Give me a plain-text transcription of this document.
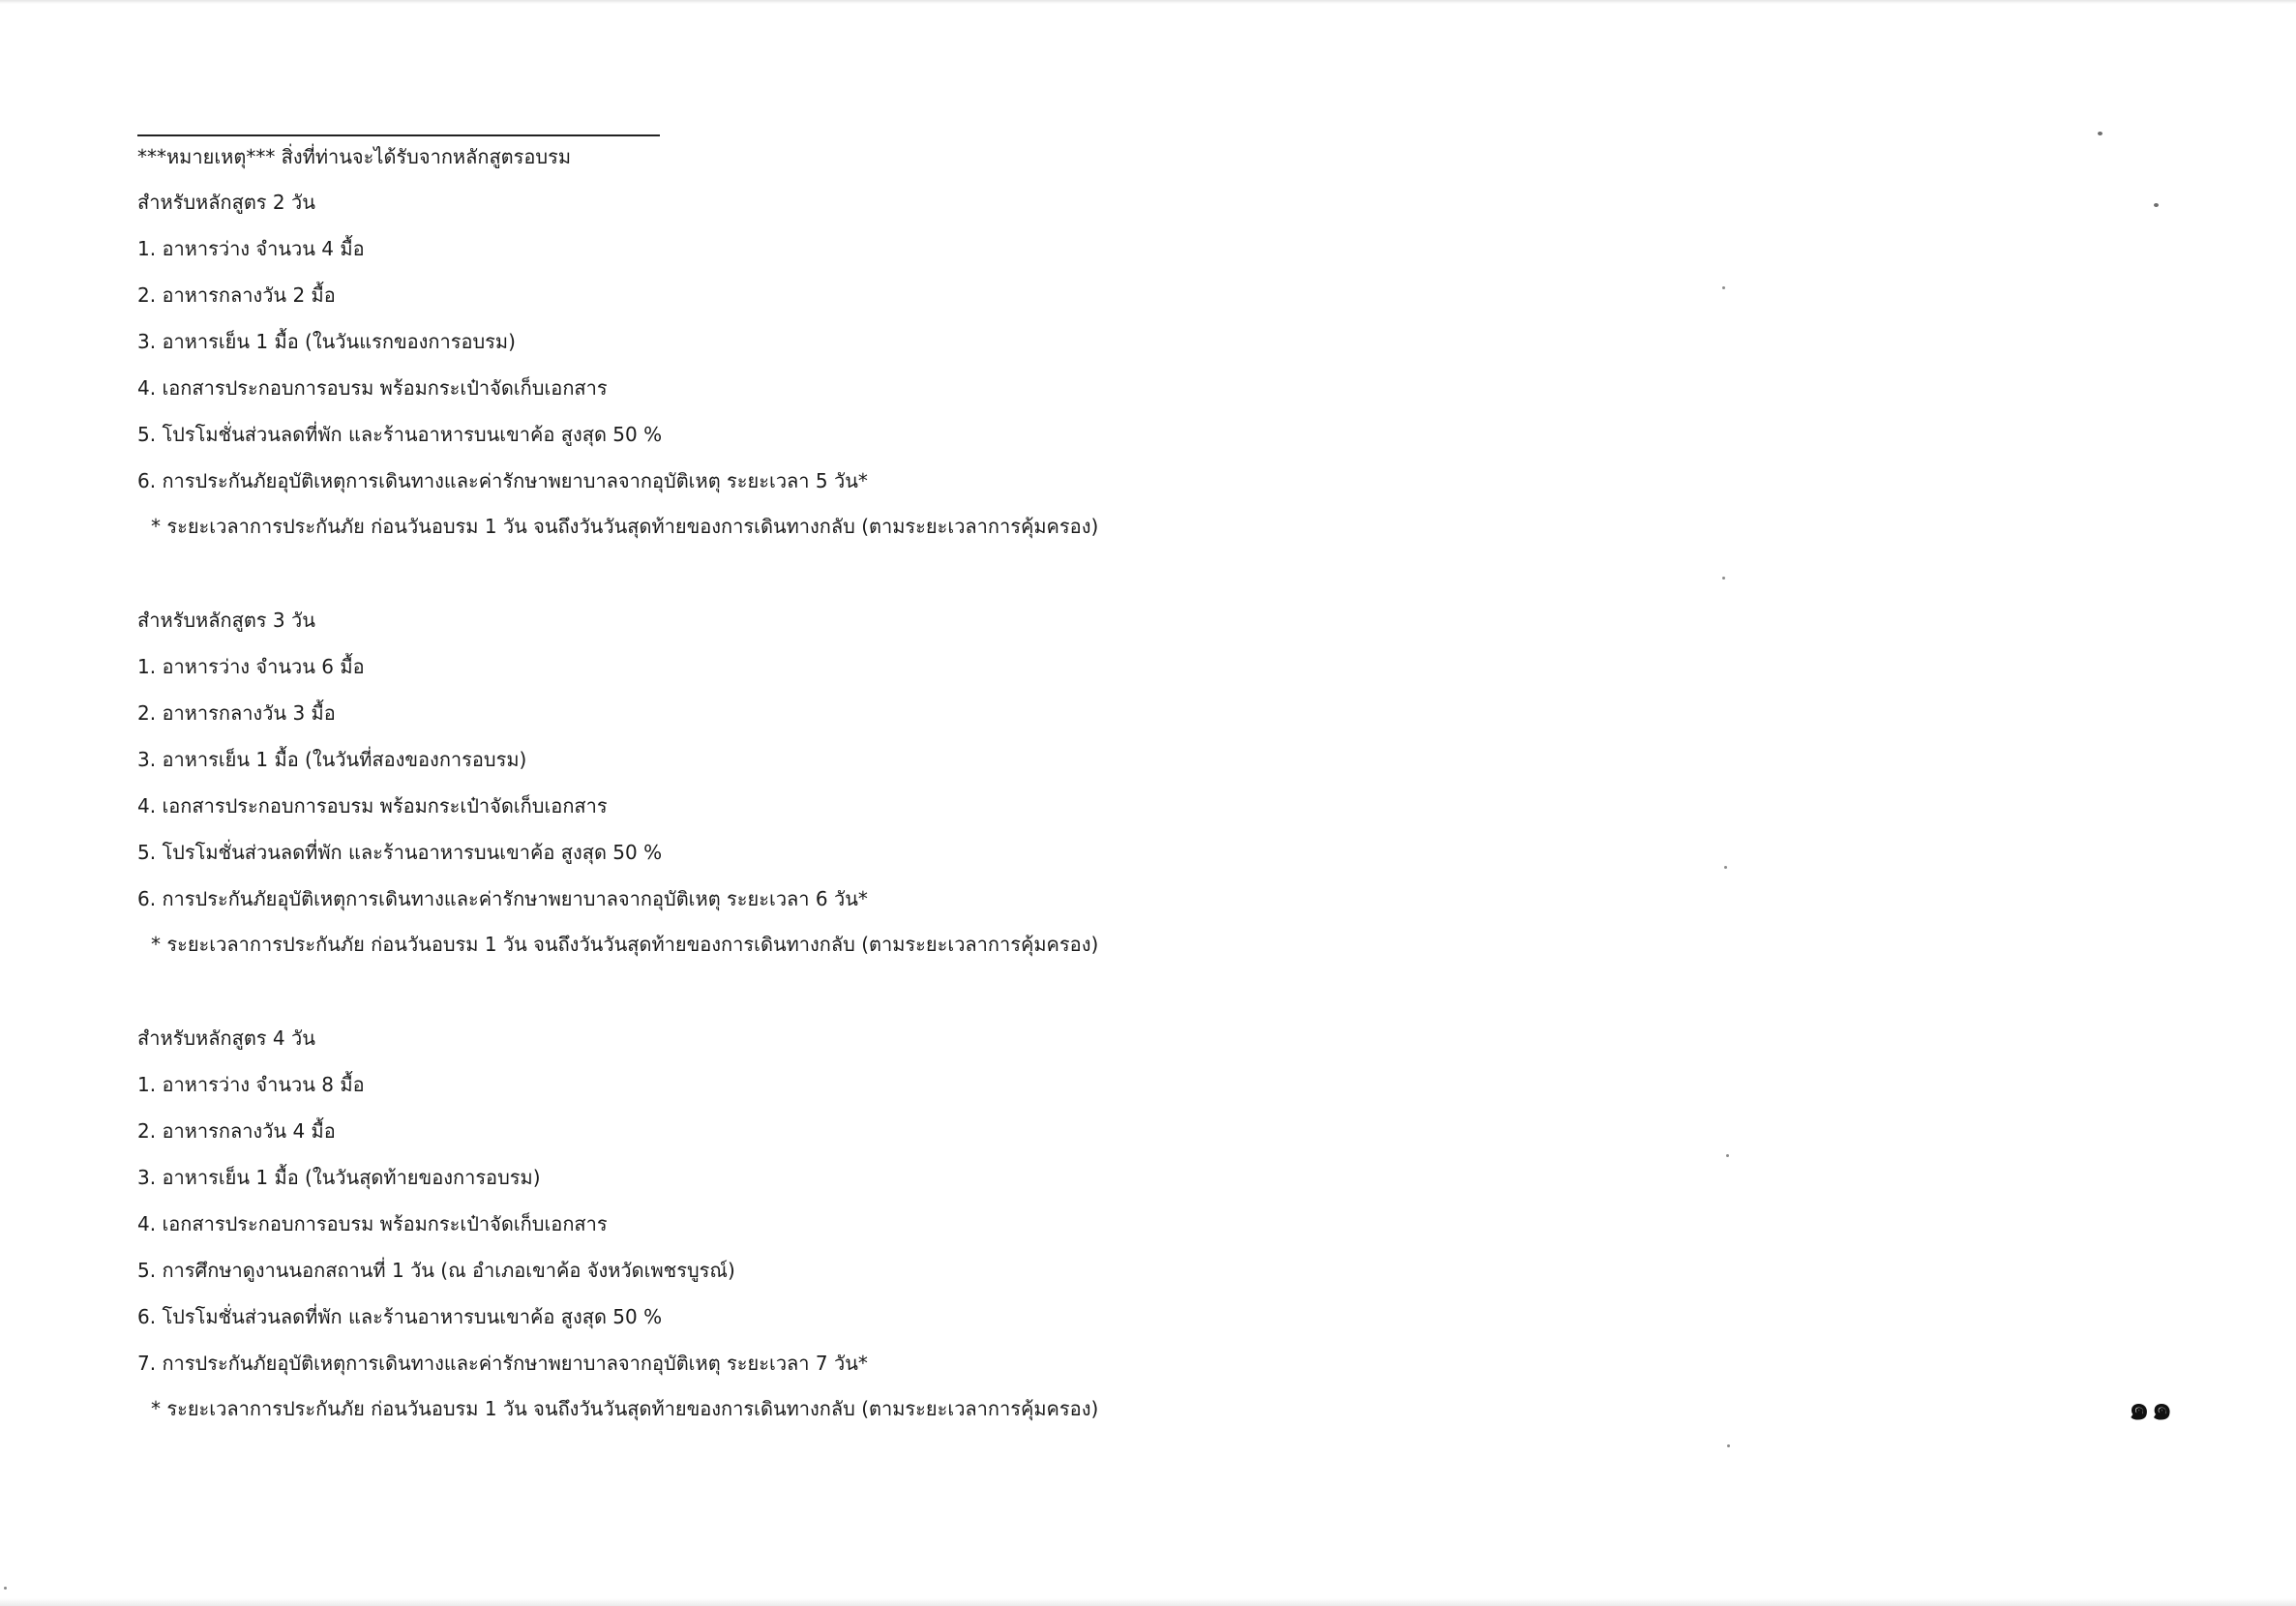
***หมายเหตุ*** สิ่งที่ท่านจะได้รับจากหลักสูตรอบรม
สำหรับหลักสูตร 2 วัน
1. อาหารว่าง จำนวน 4 มื้อ
2. อาหารกลางวัน 2 มื้อ
3. อาหารเย็น 1 มื้อ (ในวันแรกของการอบรม)
4. เอกสารประกอบการอบรม พร้อมกระเป๋าจัดเก็บเอกสาร
5. โปรโมชั่นส่วนลดที่พัก และร้านอาหารบนเขาค้อ สูงสุด 50 %
6. การประกันภัยอุบัติเหตุการเดินทางและค่ารักษาพยาบาลจากอุบัติเหตุ ระยะเวลา 5 วัน*
* ระยะเวลาการประกันภัย ก่อนวันอบรม 1 วัน จนถึงวันวันสุดท้ายของการเดินทางกลับ (ตามระยะเวลาการคุ้มครอง)
สำหรับหลักสูตร 3 วัน
1. อาหารว่าง จำนวน 6 มื้อ
2. อาหารกลางวัน 3 มื้อ
3. อาหารเย็น 1 มื้อ (ในวันที่สองของการอบรม)
4. เอกสารประกอบการอบรม พร้อมกระเป๋าจัดเก็บเอกสาร
5. โปรโมชั่นส่วนลดที่พัก และร้านอาหารบนเขาค้อ สูงสุด 50 %
6. การประกันภัยอุบัติเหตุการเดินทางและค่ารักษาพยาบาลจากอุบัติเหตุ ระยะเวลา 6 วัน*
* ระยะเวลาการประกันภัย ก่อนวันอบรม 1 วัน จนถึงวันวันสุดท้ายของการเดินทางกลับ (ตามระยะเวลาการคุ้มครอง)
สำหรับหลักสูตร 4 วัน
1. อาหารว่าง จำนวน 8 มื้อ
2. อาหารกลางวัน 4 มื้อ
3. อาหารเย็น 1 มื้อ (ในวันสุดท้ายของการอบรม)
4. เอกสารประกอบการอบรม พร้อมกระเป๋าจัดเก็บเอกสาร
5. การศึกษาดูงานนอกสถานที่ 1 วัน (ณ อำเภอเขาค้อ จังหวัดเพชรบูรณ์)
6. โปรโมชั่นส่วนลดที่พัก และร้านอาหารบนเขาค้อ สูงสุด 50 %
7. การประกันภัยอุบัติเหตุการเดินทางและค่ารักษาพยาบาลจากอุบัติเหตุ ระยะเวลา 7 วัน*
* ระยะเวลาการประกันภัย ก่อนวันอบรม 1 วัน จนถึงวันวันสุดท้ายของการเดินทางกลับ (ตามระยะเวลาการคุ้มครอง)	๑๑
